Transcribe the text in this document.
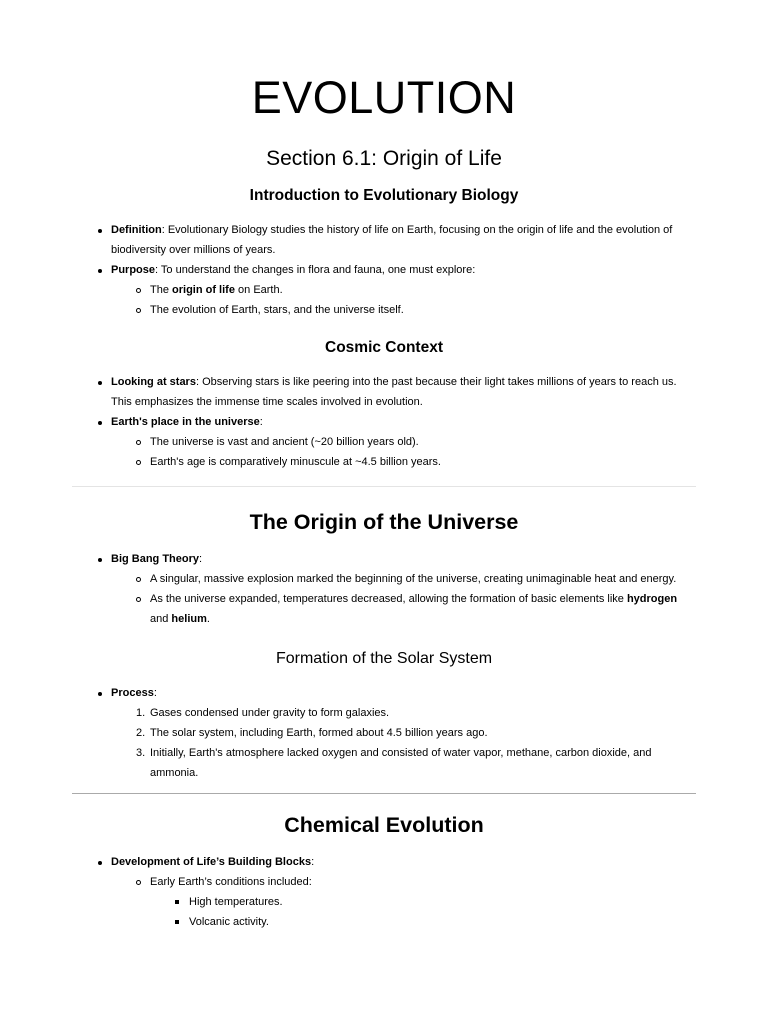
EVOLUTION
Section 6.1: Origin of Life
Introduction to Evolutionary Biology
Definition: Evolutionary Biology studies the history of life on Earth, focusing on the origin of life and the evolution of biodiversity over millions of years.
Purpose: To understand the changes in flora and fauna, one must explore:
The origin of life on Earth.
The evolution of Earth, stars, and the universe itself.
Cosmic Context
Looking at stars: Observing stars is like peering into the past because their light takes millions of years to reach us. This emphasizes the immense time scales involved in evolution.
Earth's place in the universe:
The universe is vast and ancient (~20 billion years old).
Earth's age is comparatively minuscule at ~4.5 billion years.
The Origin of the Universe
Big Bang Theory:
A singular, massive explosion marked the beginning of the universe, creating unimaginable heat and energy.
As the universe expanded, temperatures decreased, allowing the formation of basic elements like hydrogen and helium.
Formation of the Solar System
Process:
1. Gases condensed under gravity to form galaxies.
2. The solar system, including Earth, formed about 4.5 billion years ago.
3. Initially, Earth's atmosphere lacked oxygen and consisted of water vapor, methane, carbon dioxide, and ammonia.
Chemical Evolution
Development of Life’s Building Blocks:
Early Earth’s conditions included:
High temperatures.
Volcanic activity.
